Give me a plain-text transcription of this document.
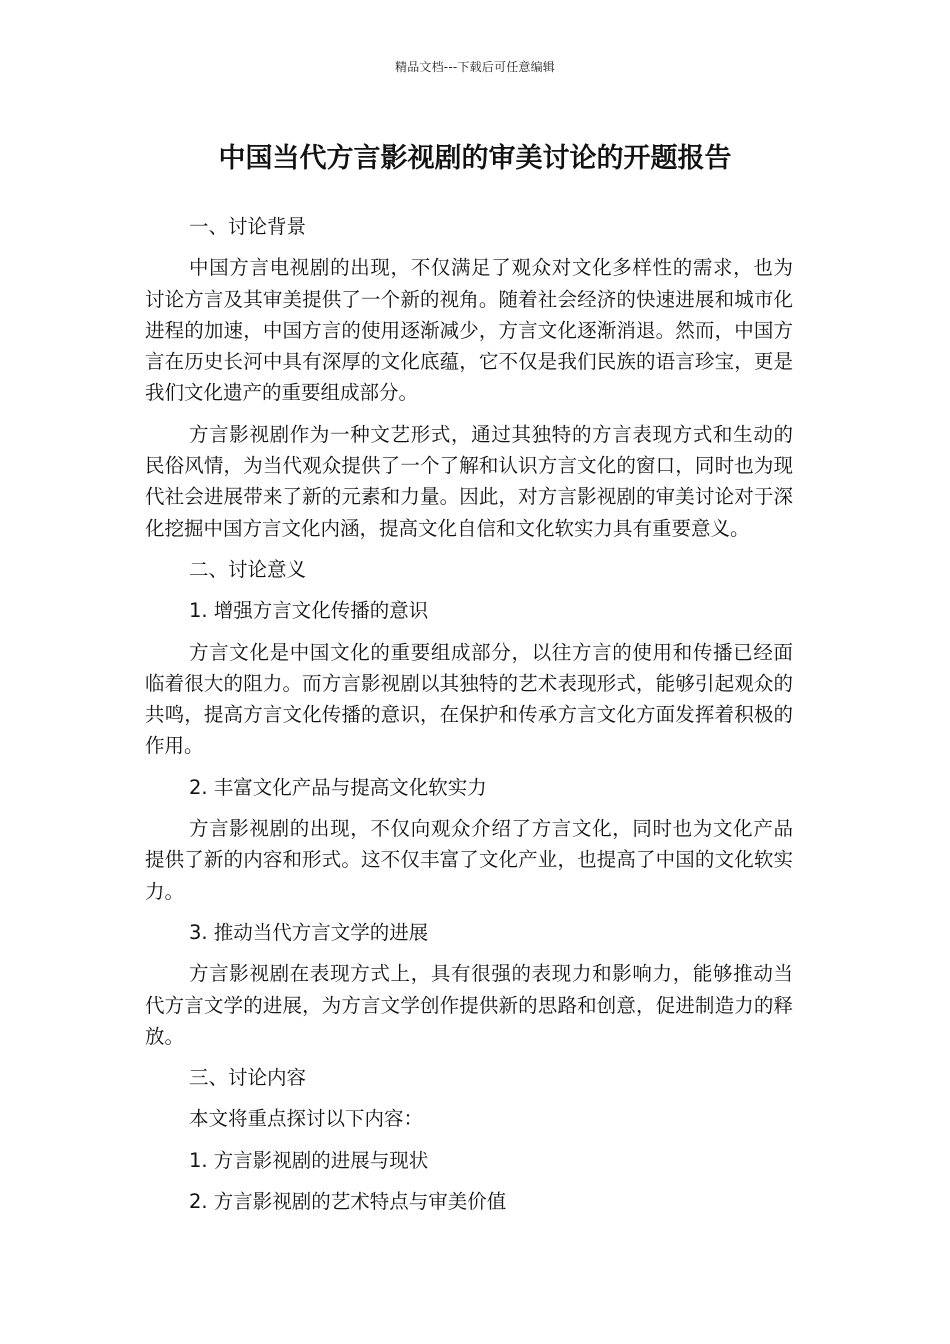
精品文档---下载后可任意编辑
中国当代方言影视剧的审美讨论的开题报告
一、讨论背景
中国方言电视剧的出现，不仅满足了观众对文化多样性的需求，也为讨论方言及其审美提供了一个新的视角。随着社会经济的快速进展和城市化进程的加速，中国方言的使用逐渐减少，方言文化逐渐消退。然而，中国方言在历史长河中具有深厚的文化底蕴，它不仅是我们民族的语言珍宝，更是我们文化遗产的重要组成部分。
方言影视剧作为一种文艺形式，通过其独特的方言表现方式和生动的民俗风情，为当代观众提供了一个了解和认识方言文化的窗口，同时也为现代社会进展带来了新的元素和力量。因此，对方言影视剧的审美讨论对于深化挖掘中国方言文化内涵，提高文化自信和文化软实力具有重要意义。
二、讨论意义
1. 增强方言文化传播的意识
方言文化是中国文化的重要组成部分，以往方言的使用和传播已经面临着很大的阻力。而方言影视剧以其独特的艺术表现形式，能够引起观众的共鸣，提高方言文化传播的意识，在保护和传承方言文化方面发挥着积极的作用。
2. 丰富文化产品与提高文化软实力
方言影视剧的出现，不仅向观众介绍了方言文化，同时也为文化产品提供了新的内容和形式。这不仅丰富了文化产业，也提高了中国的文化软实力。
3. 推动当代方言文学的进展
方言影视剧在表现方式上，具有很强的表现力和影响力，能够推动当代方言文学的进展，为方言文学创作提供新的思路和创意，促进制造力的释放。
三、讨论内容
本文将重点探讨以下内容：
1. 方言影视剧的进展与现状
2. 方言影视剧的艺术特点与审美价值
